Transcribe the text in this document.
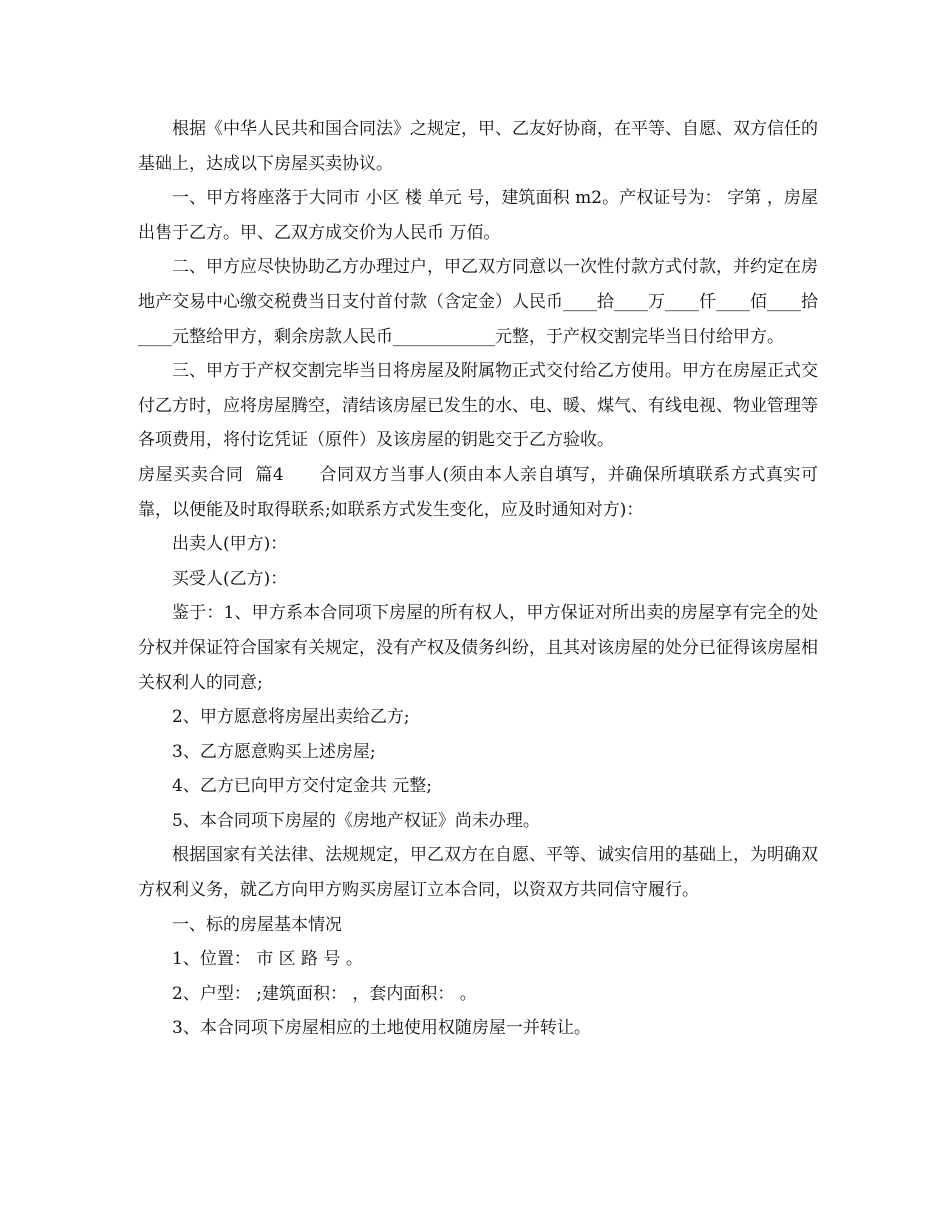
根据《中华人民共和国合同法》之规定，甲、乙友好协商，在平等、自愿、双方信任的基础上，达成以下房屋买卖协议。

一、甲方将座落于大同市 小区 楼 单元 号，建筑面积 m2。产权证号为： 字第 ，房屋出售于乙方。甲、乙双方成交价为人民币 万佰。

二、甲方应尽快协助乙方办理过户，甲乙双方同意以一次性付款方式付款，并约定在房地产交易中心缴交税费当日支付首付款（含定金）人民币____拾____万____仟____佰____拾____元整给甲方，剩余房款人民币____________元整，于产权交割完毕当日付给甲方。

三、甲方于产权交割完毕当日将房屋及附属物正式交付给乙方使用。甲方在房屋正式交付乙方时，应将房屋腾空，清结该房屋已发生的水、电、暖、煤气、有线电视、物业管理等各项费用，将付讫凭证（原件）及该房屋的钥匙交于乙方验收。

房屋买卖合同  篇4      合同双方当事人(须由本人亲自填写，并确保所填联系方式真实可靠，以便能及时取得联系;如联系方式发生变化，应及时通知对方)：

出卖人(甲方)：

买受人(乙方)：

鉴于：1、甲方系本合同项下房屋的所有权人，甲方保证对所出卖的房屋享有完全的处分权并保证符合国家有关规定，没有产权及债务纠纷，且其对该房屋的处分已征得该房屋相关权利人的同意;

2、甲方愿意将房屋出卖给乙方;

3、乙方愿意购买上述房屋;

4、乙方已向甲方交付定金共 元整;

5、本合同项下房屋的《房地产权证》尚未办理。

根据国家有关法律、法规规定，甲乙双方在自愿、平等、诚实信用的基础上，为明确双方权利义务，就乙方向甲方购买房屋订立本合同，以资双方共同信守履行。

一、标的房屋基本情况

1、位置： 市 区 路 号 。

2、户型： ;建筑面积： ，套内面积： 。

3、本合同项下房屋相应的土地使用权随房屋一并转让。
